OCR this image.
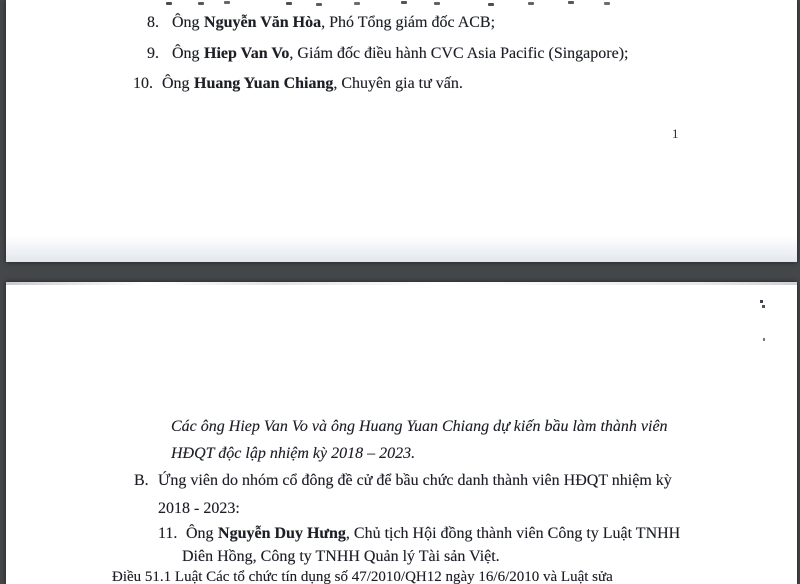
8. Ông Nguyễn Văn Hòa, Phó Tổng giám đốc ACB;
9. Ông Hiep Van Vo, Giám đốc điều hành CVC Asia Pacific (Singapore);
10. Ông Huang Yuan Chiang, Chuyên gia tư vấn.
1
Các ông Hiep Van Vo và ông Huang Yuan Chiang dự kiến bầu làm thành viên
HĐQT độc lập nhiệm kỳ 2018 – 2023.
B. Ứng viên do nhóm cổ đông đề cử để bầu chức danh thành viên HĐQT nhiệm kỳ
2018 - 2023:
11. Ông Nguyễn Duy Hưng, Chủ tịch Hội đồng thành viên Công ty Luật TNHH
Diên Hồng, Công ty TNHH Quản lý Tài sản Việt.
Điều 51.1 Luật Các tổ chức tín dụng số 47/2010/QH12 ngày 16/6/2010 và Luật sửa
